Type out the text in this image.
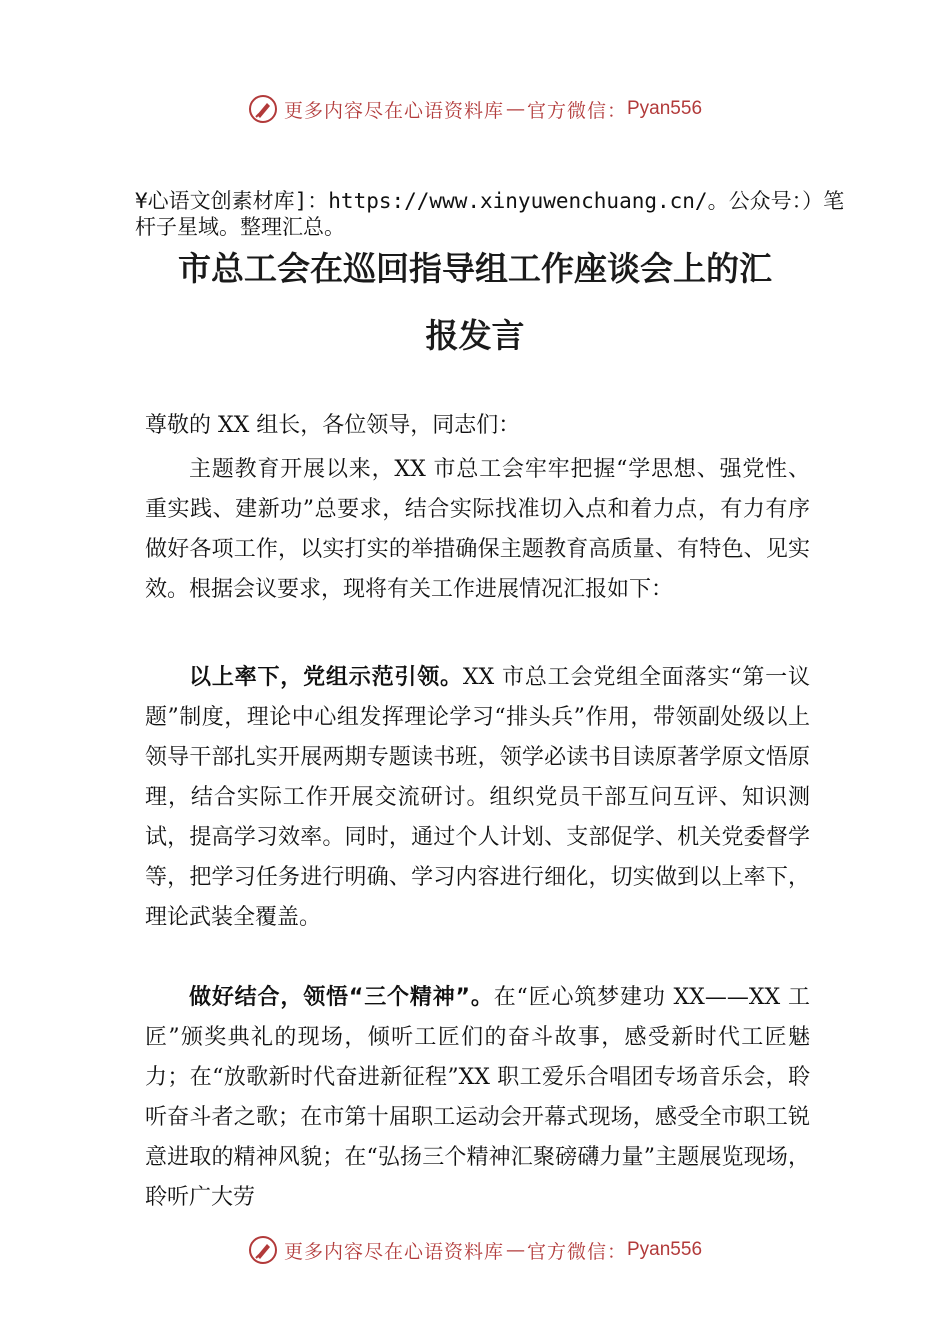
更多内容尽在心语资料库 — 官方微信： Pyan556
¥心语文创素材库]：https://www.xinyuwenchuang.cn/。公众号：）笔杆子星域。整理汇总。
市总工会在巡回指导组工作座谈会上的汇
报发言
尊敬的 XX 组长，各位领导，同志们：

主题教育开展以来，XX 市总工会牢牢把握“学思想、强党性、重实践、建新功”总要求，结合实际找准切入点和着力点，有力有序做好各项工作，以实打实的举措确保主题教育高质量、有特色、见实效。根据会议要求，现将有关工作进展情况汇报如下：

以上率下，党组示范引领。XX 市总工会党组全面落实“第一议题”制度，理论中心组发挥理论学习“排头兵”作用，带领副处级以上领导干部扎实开展两期专题读书班，领学必读书目读原著学原文悟原理，结合实际工作开展交流研讨。组织党员干部互问互评、知识测试，提高学习效率。同时，通过个人计划、支部促学、机关党委督学等，把学习任务进行明确、学习内容进行细化，切实做到以上率下，理论武装全覆盖。

做好结合，领悟“三个精神”。在“匠心筑梦建功 XX——XX 工匠”颁奖典礼的现场，倾听工匠们的奋斗故事，感受新时代工匠魅力；在“放歌新时代奋进新征程”XX 职工爱乐合唱团专场音乐会，聆听奋斗者之歌；在市第十届职工运动会开幕式现场，感受全市职工锐意进取的精神风貌；在“弘扬三个精神汇聚磅礴力量”主题展览现场，聆听广大劳

更多内容尽在心语资料库 — 官方微信： Pyan556
